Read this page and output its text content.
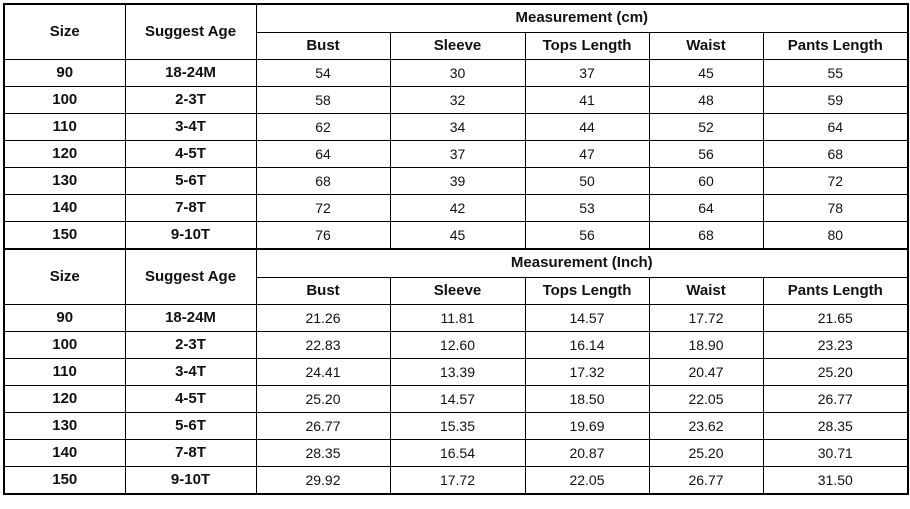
Size	Suggest Age	Measurement (cm)				
		Bust	Sleeve	Tops Length	Waist	Pants Length
90	18-24M	54	30	37	45	55
100	2-3T	58	32	41	48	59
110	3-4T	62	34	44	52	64
120	4-5T	64	37	47	56	68
130	5-6T	68	39	50	60	72
140	7-8T	72	42	53	64	78
150	9-10T	76	45	56	68	80
Size	Suggest Age	Measurement (Inch)				
		Bust	Sleeve	Tops Length	Waist	Pants Length
90	18-24M	21.26	11.81	14.57	17.72	21.65
100	2-3T	22.83	12.60	16.14	18.90	23.23
110	3-4T	24.41	13.39	17.32	20.47	25.20
120	4-5T	25.20	14.57	18.50	22.05	26.77
130	5-6T	26.77	15.35	19.69	23.62	28.35
140	7-8T	28.35	16.54	20.87	25.20	30.71
150	9-10T	29.92	17.72	22.05	26.77	31.50
